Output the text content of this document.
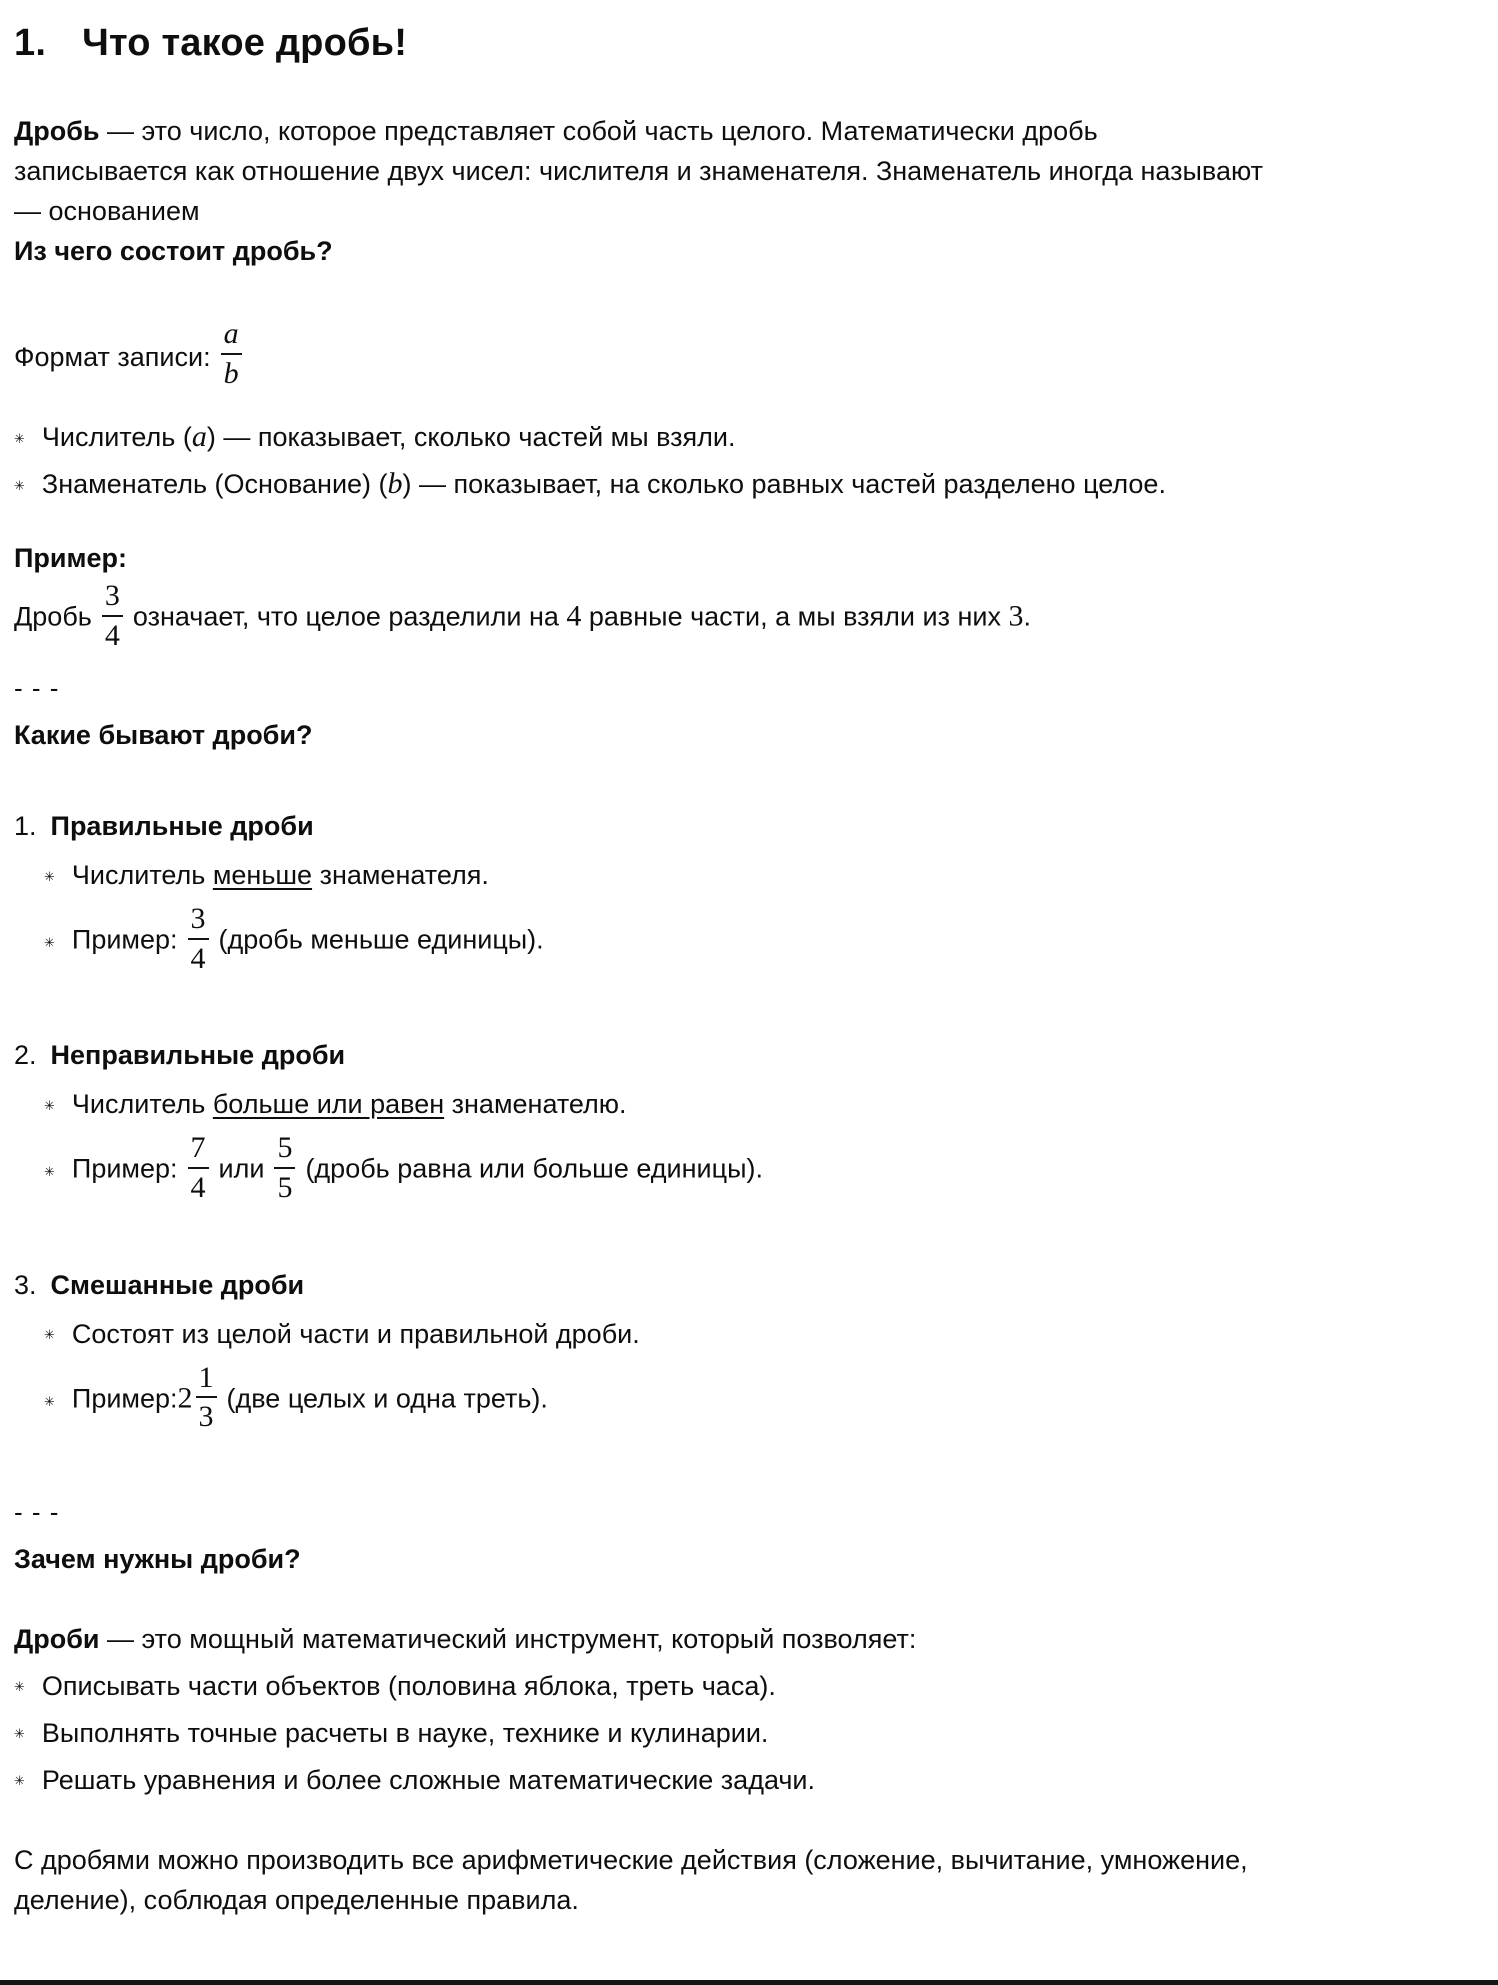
1. Что такое дробь!

Дробь — это число, которое представляет собой часть целого. Математически дробь записывается как отношение двух чисел: числителя и знаменателя. Знаменатель иногда называют — основанием

Из чего состоит дробь?

Формат записи: $\frac{a}{b}$
✳ Числитель (a) — показывает, сколько частей мы взяли.
✳ Знаменатель (Основание) (b) — показывает, на сколько равных частей разделено целое.

Пример:

Дробь $\frac{3}{4}$ означает, что целое разделили на 4 равные части, а мы взяли из них 3.
- - -

Какие бывают дроби?

1. Правильные дроби
✳ Числитель меньше знаменателя.
✳ Пример: $\frac{3}{4}$ (дробь меньше единицы).
2. Неправильные дроби
✳ Числитель больше или равен знаменателю.
✳ Пример: $\frac{7}{4}$ или $\frac{5}{5}$ (дробь равна или больше единицы).
3. Смешанные дроби
✳ Состоят из целой части и правильной дроби.
✳ Пример:2 $\frac{1}{3} (две$ целых и одна треть).
- - -

Зачем нужны дроби?

Дроби — это мощный математический инструмент, который позволяет:

✳ Описывать части объектов (половина яблока, треть часа).
✳ Выполнять точные расчеты в науке, технике и кулинарии.
✳ Решать уравнения и более сложные математические задачи.

С дробями можно производить все арифметические действия (сложение, вычитание, умножение, деление), соблюдая определенные правила.
